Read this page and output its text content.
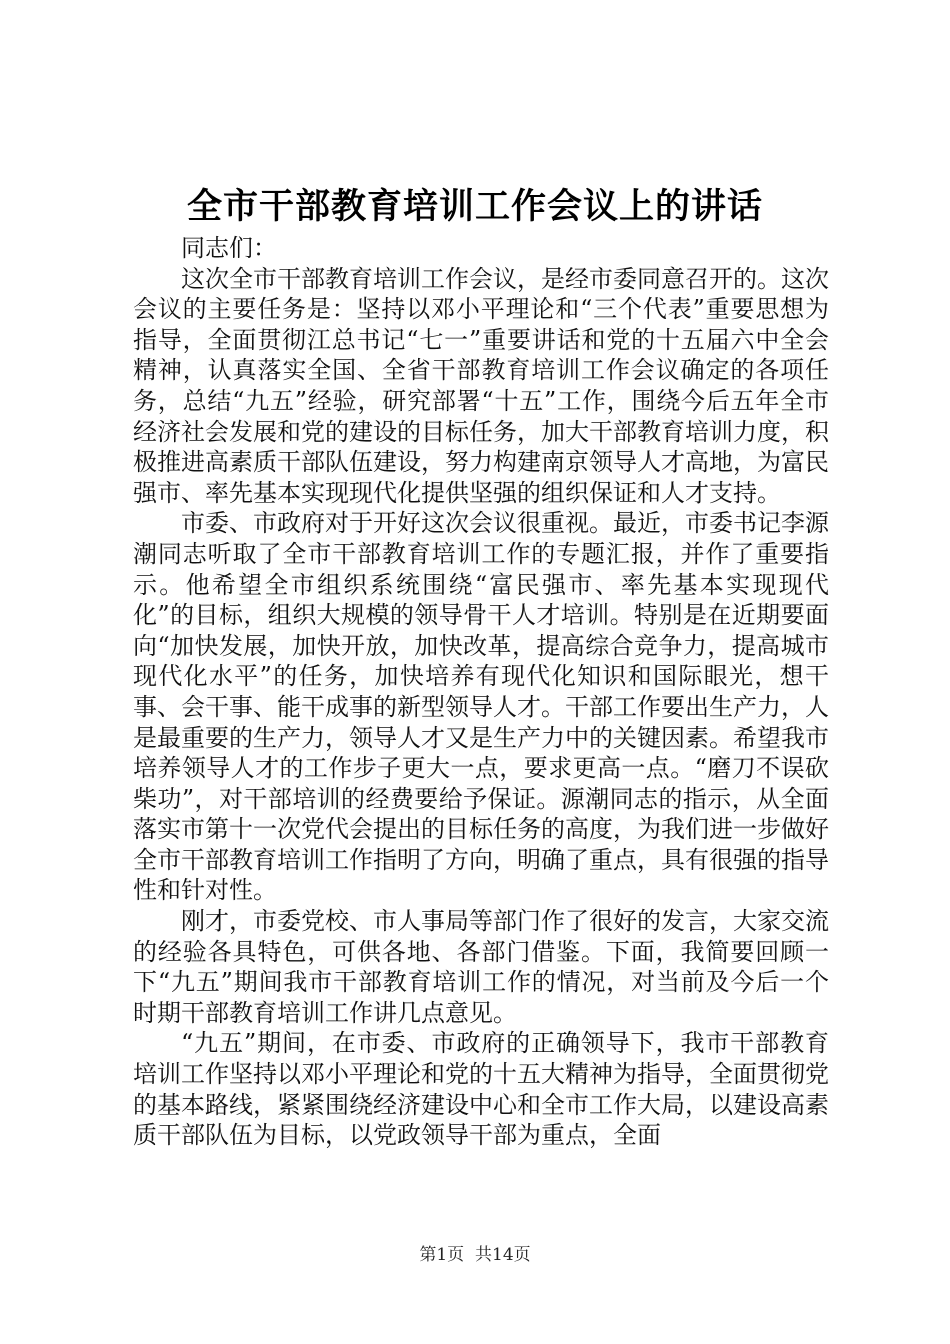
全市干部教育培训工作会议上的讲话

同志们：

这次全市干部教育培训工作会议，是经市委同意召开的。这次会议的主要任务是：坚持以邓小平理论和“三个代表”重要思想为指导，全面贯彻江总书记“七一”重要讲话和党的十五届六中全会精神，认真落实全国、全省干部教育培训工作会议确定的各项任务，总结“九五”经验，研究部署“十五”工作，围绕今后五年全市经济社会发展和党的建设的目标任务，加大干部教育培训力度，积极推进高素质干部队伍建设，努力构建南京领导人才高地，为富民强市、率先基本实现现代化提供坚强的组织保证和人才支持。

市委、市政府对于开好这次会议很重视。最近，市委书记李源潮同志听取了全市干部教育培训工作的专题汇报，并作了重要指示。他希望全市组织系统围绕“富民强市、率先基本实现现代化”的目标，组织大规模的领导骨干人才培训。特别是在近期要面向“加快发展，加快开放，加快改革，提高综合竞争力，提高城市现代化水平”的任务，加快培养有现代化知识和国际眼光，想干事、会干事、能干成事的新型领导人才。干部工作要出生产力，人是最重要的生产力，领导人才又是生产力中的关键因素。希望我市培养领导人才的工作步子更大一点，要求更高一点。“磨刀不误砍柴功”，对干部培训的经费要给予保证。源潮同志的指示，从全面落实市第十一次党代会提出的目标任务的高度，为我们进一步做好全市干部教育培训工作指明了方向，明确了重点，具有很强的指导性和针对性。

刚才，市委党校、市人事局等部门作了很好的发言，大家交流的经验各具特色，可供各地、各部门借鉴。下面，我简要回顾一下“九五”期间我市干部教育培训工作的情况，对当前及今后一个时期干部教育培训工作讲几点意见。

“九五”期间，在市委、市政府的正确领导下，我市干部教育培训工作坚持以邓小平理论和党的十五大精神为指导，全面贯彻党的基本路线，紧紧围绕经济建设中心和全市工作大局，以建设高素质干部队伍为目标，以党政领导干部为重点，全面

第1页 共14页
